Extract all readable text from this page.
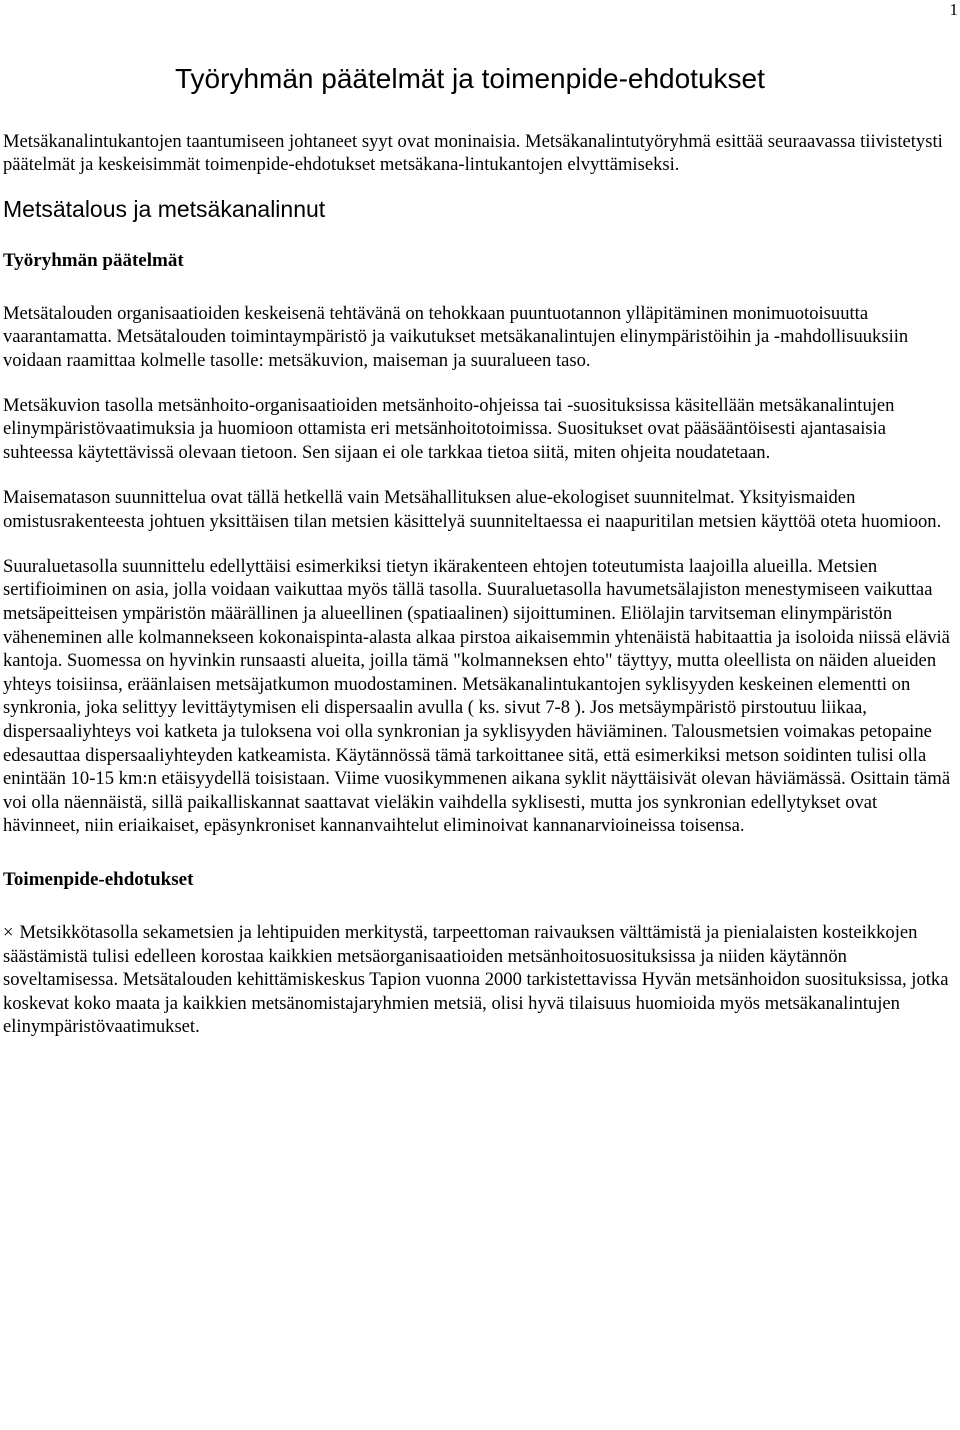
1
Työryhmän päätelmät ja toimenpide-ehdotukset

Metsäkanalintukantojen taantumiseen johtaneet syyt ovat moninaisia. Metsäkanalintutyöryhmä esittää seuraavassa tiivistetysti päätelmät ja keskeisimmät toimenpide-ehdotukset metsäkana-lintukantojen elvyttämiseksi.

Metsätalous ja metsäkanalinnut
Työryhmän päätelmät

Metsätalouden organisaatioiden keskeisenä tehtävänä on tehokkaan puuntuotannon ylläpitäminen monimuotoisuutta vaarantamatta. Metsätalouden toimintaympäristö ja vaikutukset metsäkanalintujen elinympäristöihin ja -mahdollisuuksiin voidaan raamittaa kolmelle tasolle: metsäkuvion, maiseman ja suuralueen taso.

Metsäkuvion tasolla metsänhoito-organisaatioiden metsänhoito-ohjeissa tai -suosituksissa käsitellään metsäkanalintujen elinympäristövaatimuksia ja huomioon ottamista eri metsänhoitotoimissa. Suositukset ovat pääsääntöisesti ajantasaisia suhteessa käytettävissä olevaan tietoon. Sen sijaan ei ole tarkkaa tietoa siitä, miten ohjeita noudatetaan.

Maisematason suunnittelua ovat tällä hetkellä vain Metsähallituksen alue-ekologiset suunnitelmat. Yksityismaiden omistusrakenteesta johtuen yksittäisen tilan metsien käsittelyä suunniteltaessa ei naapuritilan metsien käyttöä oteta huomioon.

Suuraluetasolla suunnittelu edellyttäisi esimerkiksi tietyn ikärakenteen ehtojen toteutumista laajoilla alueilla. Metsien sertifioiminen on asia, jolla voidaan vaikuttaa myös tällä tasolla. Suuraluetasolla havumetsälajiston menestymiseen vaikuttaa metsäpeitteisen ympäristön määrällinen ja alueellinen (spatiaalinen) sijoittuminen. Eliölajin tarvitseman elinympäristön väheneminen alle kolmannekseen kokonaispinta-alasta alkaa pirstoa aikaisemmin yhtenäistä habitaattia ja isoloida niissä eläviä kantoja. Suomessa on hyvinkin runsaasti alueita, joilla tämä "kolmanneksen ehto" täyttyy, mutta oleellista on näiden alueiden yhteys toisiinsa, eräänlaisen metsäjatkumon muodostaminen. Metsäkanalintukantojen syklisyyden keskeinen elementti on synkronia, joka selittyy levittäytymisen eli dispersaalin avulla ( ks. sivut 7-8 ). Jos metsäympäristö pirstoutuu liikaa, dispersaaliyhteys voi katketa ja tuloksena voi olla synkronian ja syklisyyden häviäminen. Talousmetsien voimakas petopaine edesauttaa dispersaaliyhteyden katkeamista. Käytännössä tämä tarkoittanee sitä, että esimerkiksi metson soidinten tulisi olla enintään 10-15 km:n etäisyydellä toisistaan. Viime vuosikymmenen aikana syklit näyttäisivät olevan häviämässä. Osittain tämä voi olla näennäistä, sillä paikalliskannat saattavat vieläkin vaihdella syklisesti, mutta jos synkronian edellytykset ovat hävinneet, niin eriaikaiset, epäsynkroniset kannanvaihtelut eliminoivat kannanarvioineissa toisensa.

Toimenpide-ehdotukset

× Metsikkötasolla sekametsien ja lehtipuiden merkitystä, tarpeettoman raivauksen välttämistä ja pienialaisten kosteikkojen säästämistä tulisi edelleen korostaa kaikkien metsäorganisaatioiden metsänhoitosuosituksissa ja niiden käytännön soveltamisessa. Metsätalouden kehittämiskeskus Tapion vuonna 2000 tarkistettavissa Hyvän metsänhoidon suosituksissa, jotka koskevat koko maata ja kaikkien metsänomistajaryhmien metsiä, olisi hyvä tilaisuus huomioida myös metsäkanalintujen elinympäristövaatimukset.
